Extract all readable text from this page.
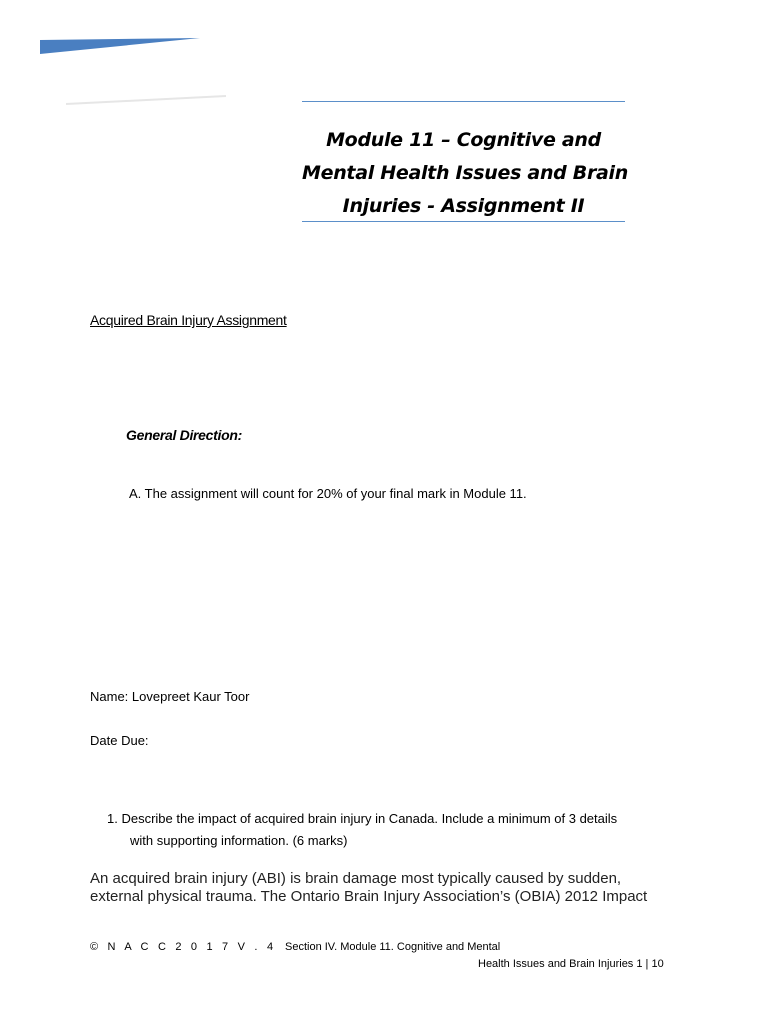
Module 11 – Cognitive and
Mental Health Issues and Brain
Injuries - Assignment II
Acquired Brain Injury Assignment
General Direction:
A. The assignment will count for 20% of your final mark in Module 11.
Name: Lovepreet Kaur Toor
Date Due:
1. Describe the impact of acquired brain injury in Canada. Include a minimum of 3 details
with supporting information. (6 marks)
An acquired brain injury (ABI) is brain damage most typically caused by sudden,
external physical trauma. The Ontario Brain Injury Association’s (OBIA) 2012 Impact
© N A C C 2 0 1 7 V . 4 Section IV. Module 11. Cognitive and Mental
Health Issues and Brain Injuries 1 | 10
